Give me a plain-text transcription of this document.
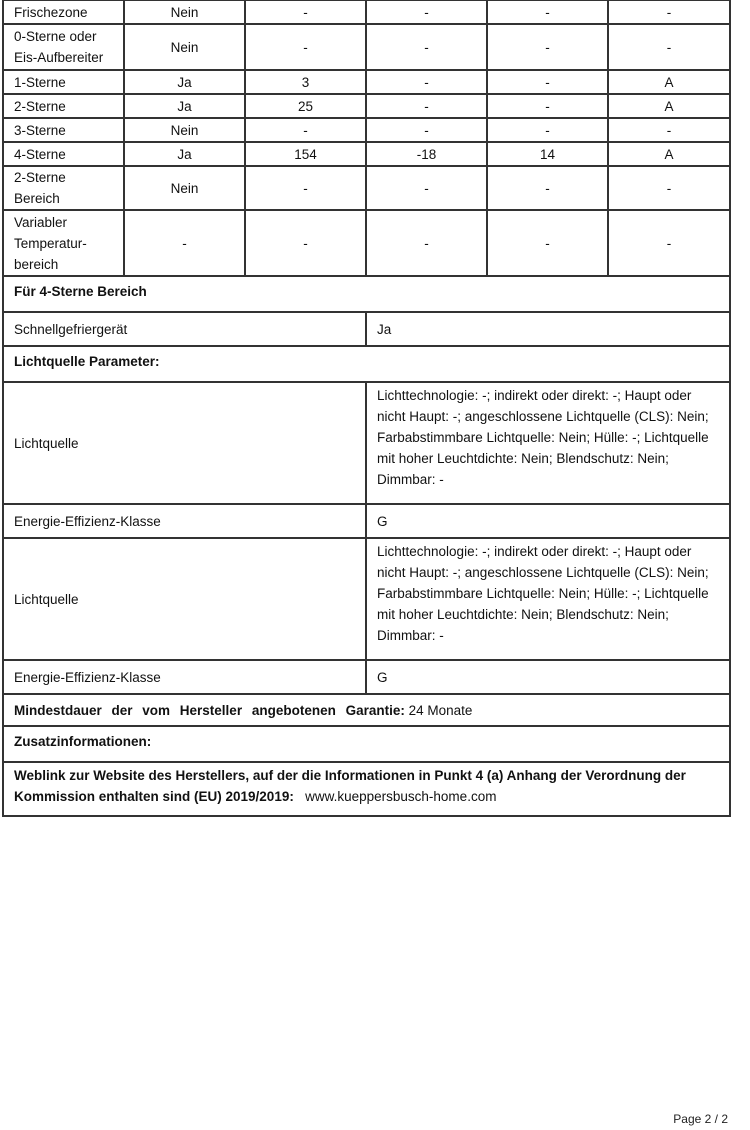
Frischezone	Nein	-	-	-	-
0-Sterne oder Eis-Aufbereiter	Nein	-	-	-	-
1-Sterne	Ja	3	-	-	A
2-Sterne	Ja	25	-	-	A
3-Sterne	Nein	-	-	-	-
4-Sterne	Ja	154	-18	14	A
2-Sterne Bereich	Nein	-	-	-	-
Variabler Temperatur-bereich	-	-	-	-	-
Für 4-Sterne Bereich					
Schnellgefriergerät			Ja		
Lichtquelle Parameter:					
Lichtquelle			Lichttechnologie: -; indirekt oder direkt: -; Haupt oder nicht Haupt: -; angeschlossene Lichtquelle (CLS): Nein; Farbabstimmbare Lichtquelle: Nein; Hülle: -; Lichtquelle mit hoher Leuchtdichte: Nein; Blendschutz: Nein; Dimmbar: -		
Energie-Effizienz-Klasse			G		
Lichtquelle			Lichttechnologie: -; indirekt oder direkt: -; Haupt oder nicht Haupt: -; angeschlossene Lichtquelle (CLS): Nein; Farbabstimmbare Lichtquelle: Nein; Hülle: -; Lichtquelle mit hoher Leuchtdichte: Nein; Blendschutz: Nein; Dimmbar: -		
Energie-Effizienz-Klasse			G		
Mindestdauer der vom Hersteller angebotenen Garantie: 24 Monate					
Zusatzinformationen:					
Weblink zur Website des Herstellers, auf der die Informationen in Punkt 4 (a) Anhang der Verordnung der Kommission enthalten sind (EU) 2019/2019: www.kueppersbusch-home.com					
Page 2 / 2
